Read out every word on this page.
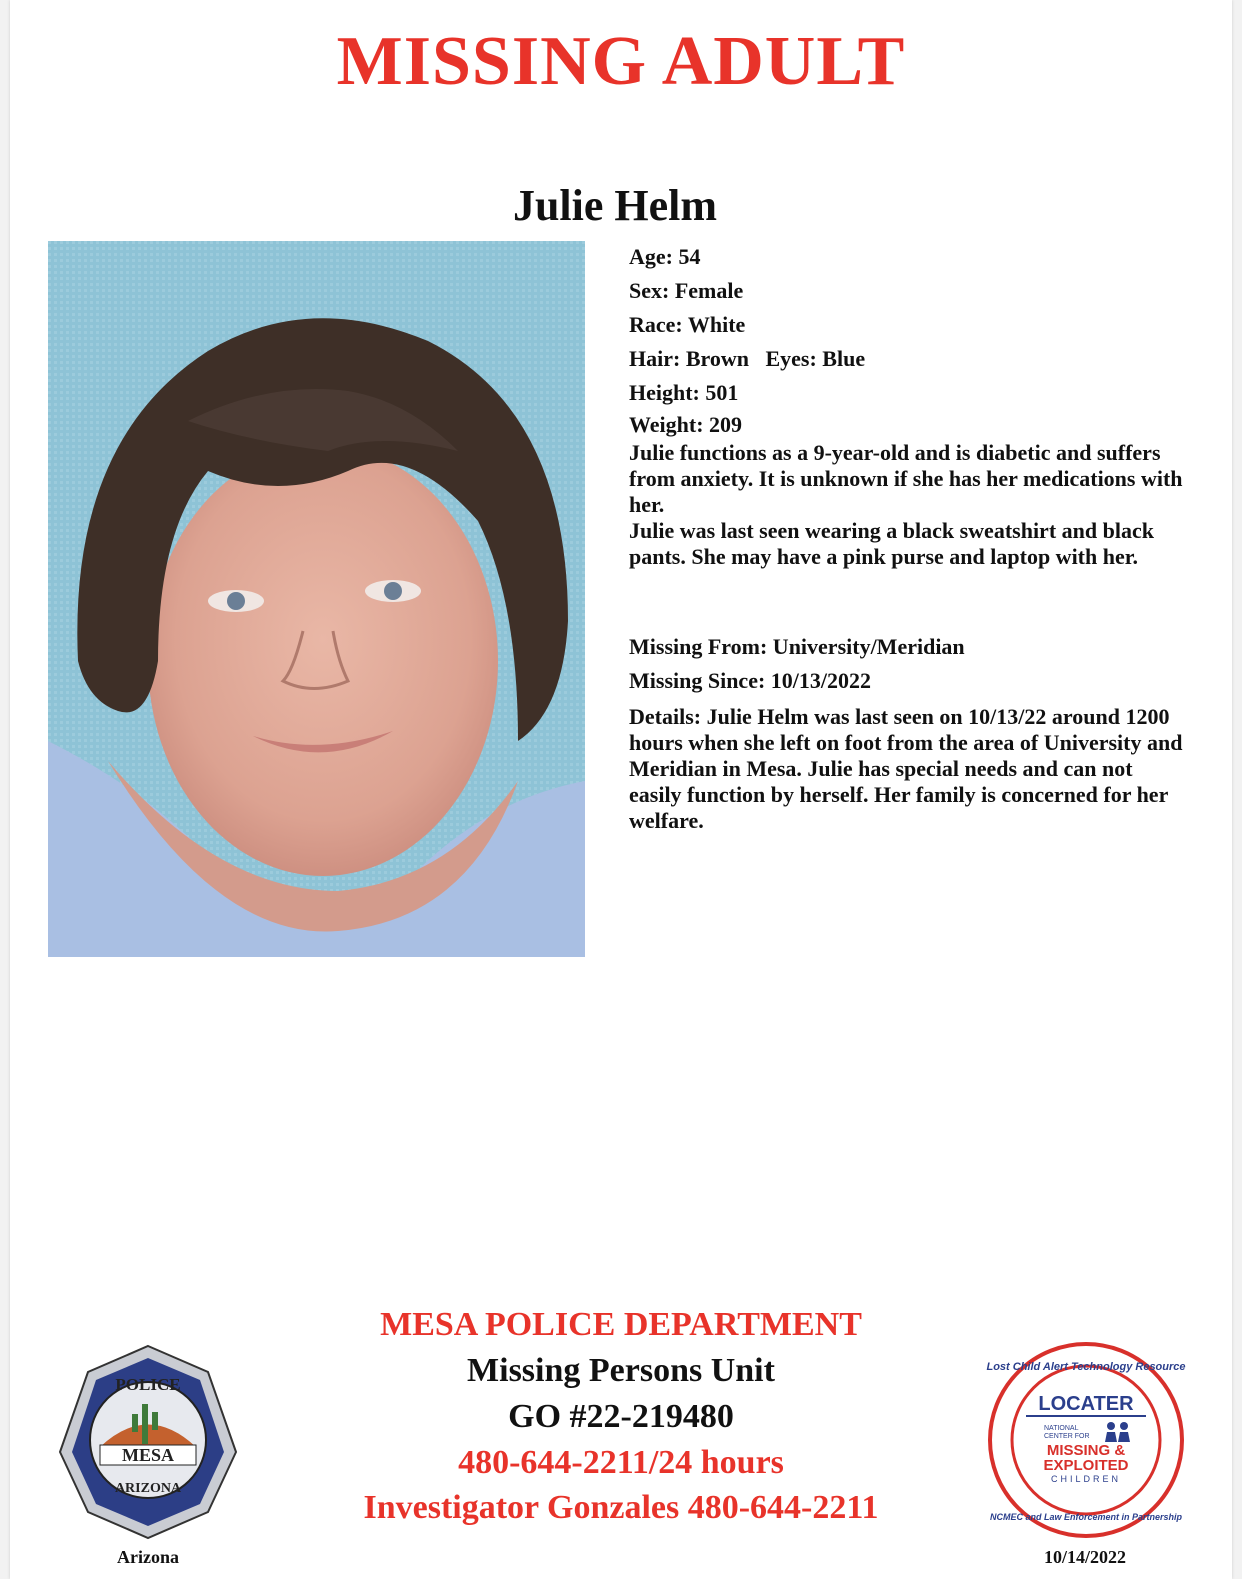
MISSING ADULT
Julie Helm
Age: 54
Sex: Female
Race: White
Hair: Brown   Eyes: Blue
Height: 501
Weight: 209

Julie functions as a 9-year-old and is diabetic and suffers from anxiety. It is unknown if she has her medications with her.

Julie was last seen wearing a black sweatshirt and black pants. She may have a pink purse and laptop with her.

Missing From: University/Meridian
Missing Since: 10/13/2022

Details: Julie Helm was last seen on 10/13/22 around 1200 hours when she left on foot from the area of University and Meridian in Mesa. Julie has special needs and can not easily function by herself. Her family is concerned for her welfare.

MESA POLICE DEPARTMENT
Missing Persons Unit
GO #22-219480
480-644-2211/24 hours
Investigator Gonzales 480-644-2211
MESA
POLICE
ARIZONA
Arizona
Lost Child Alert Technology Resource
NCMEC and Law Enforcement in Partnership
LOCATER
NATIONAL
CENTER FOR
MISSING &
EXPLOITED
CHILDREN
10/14/2022
